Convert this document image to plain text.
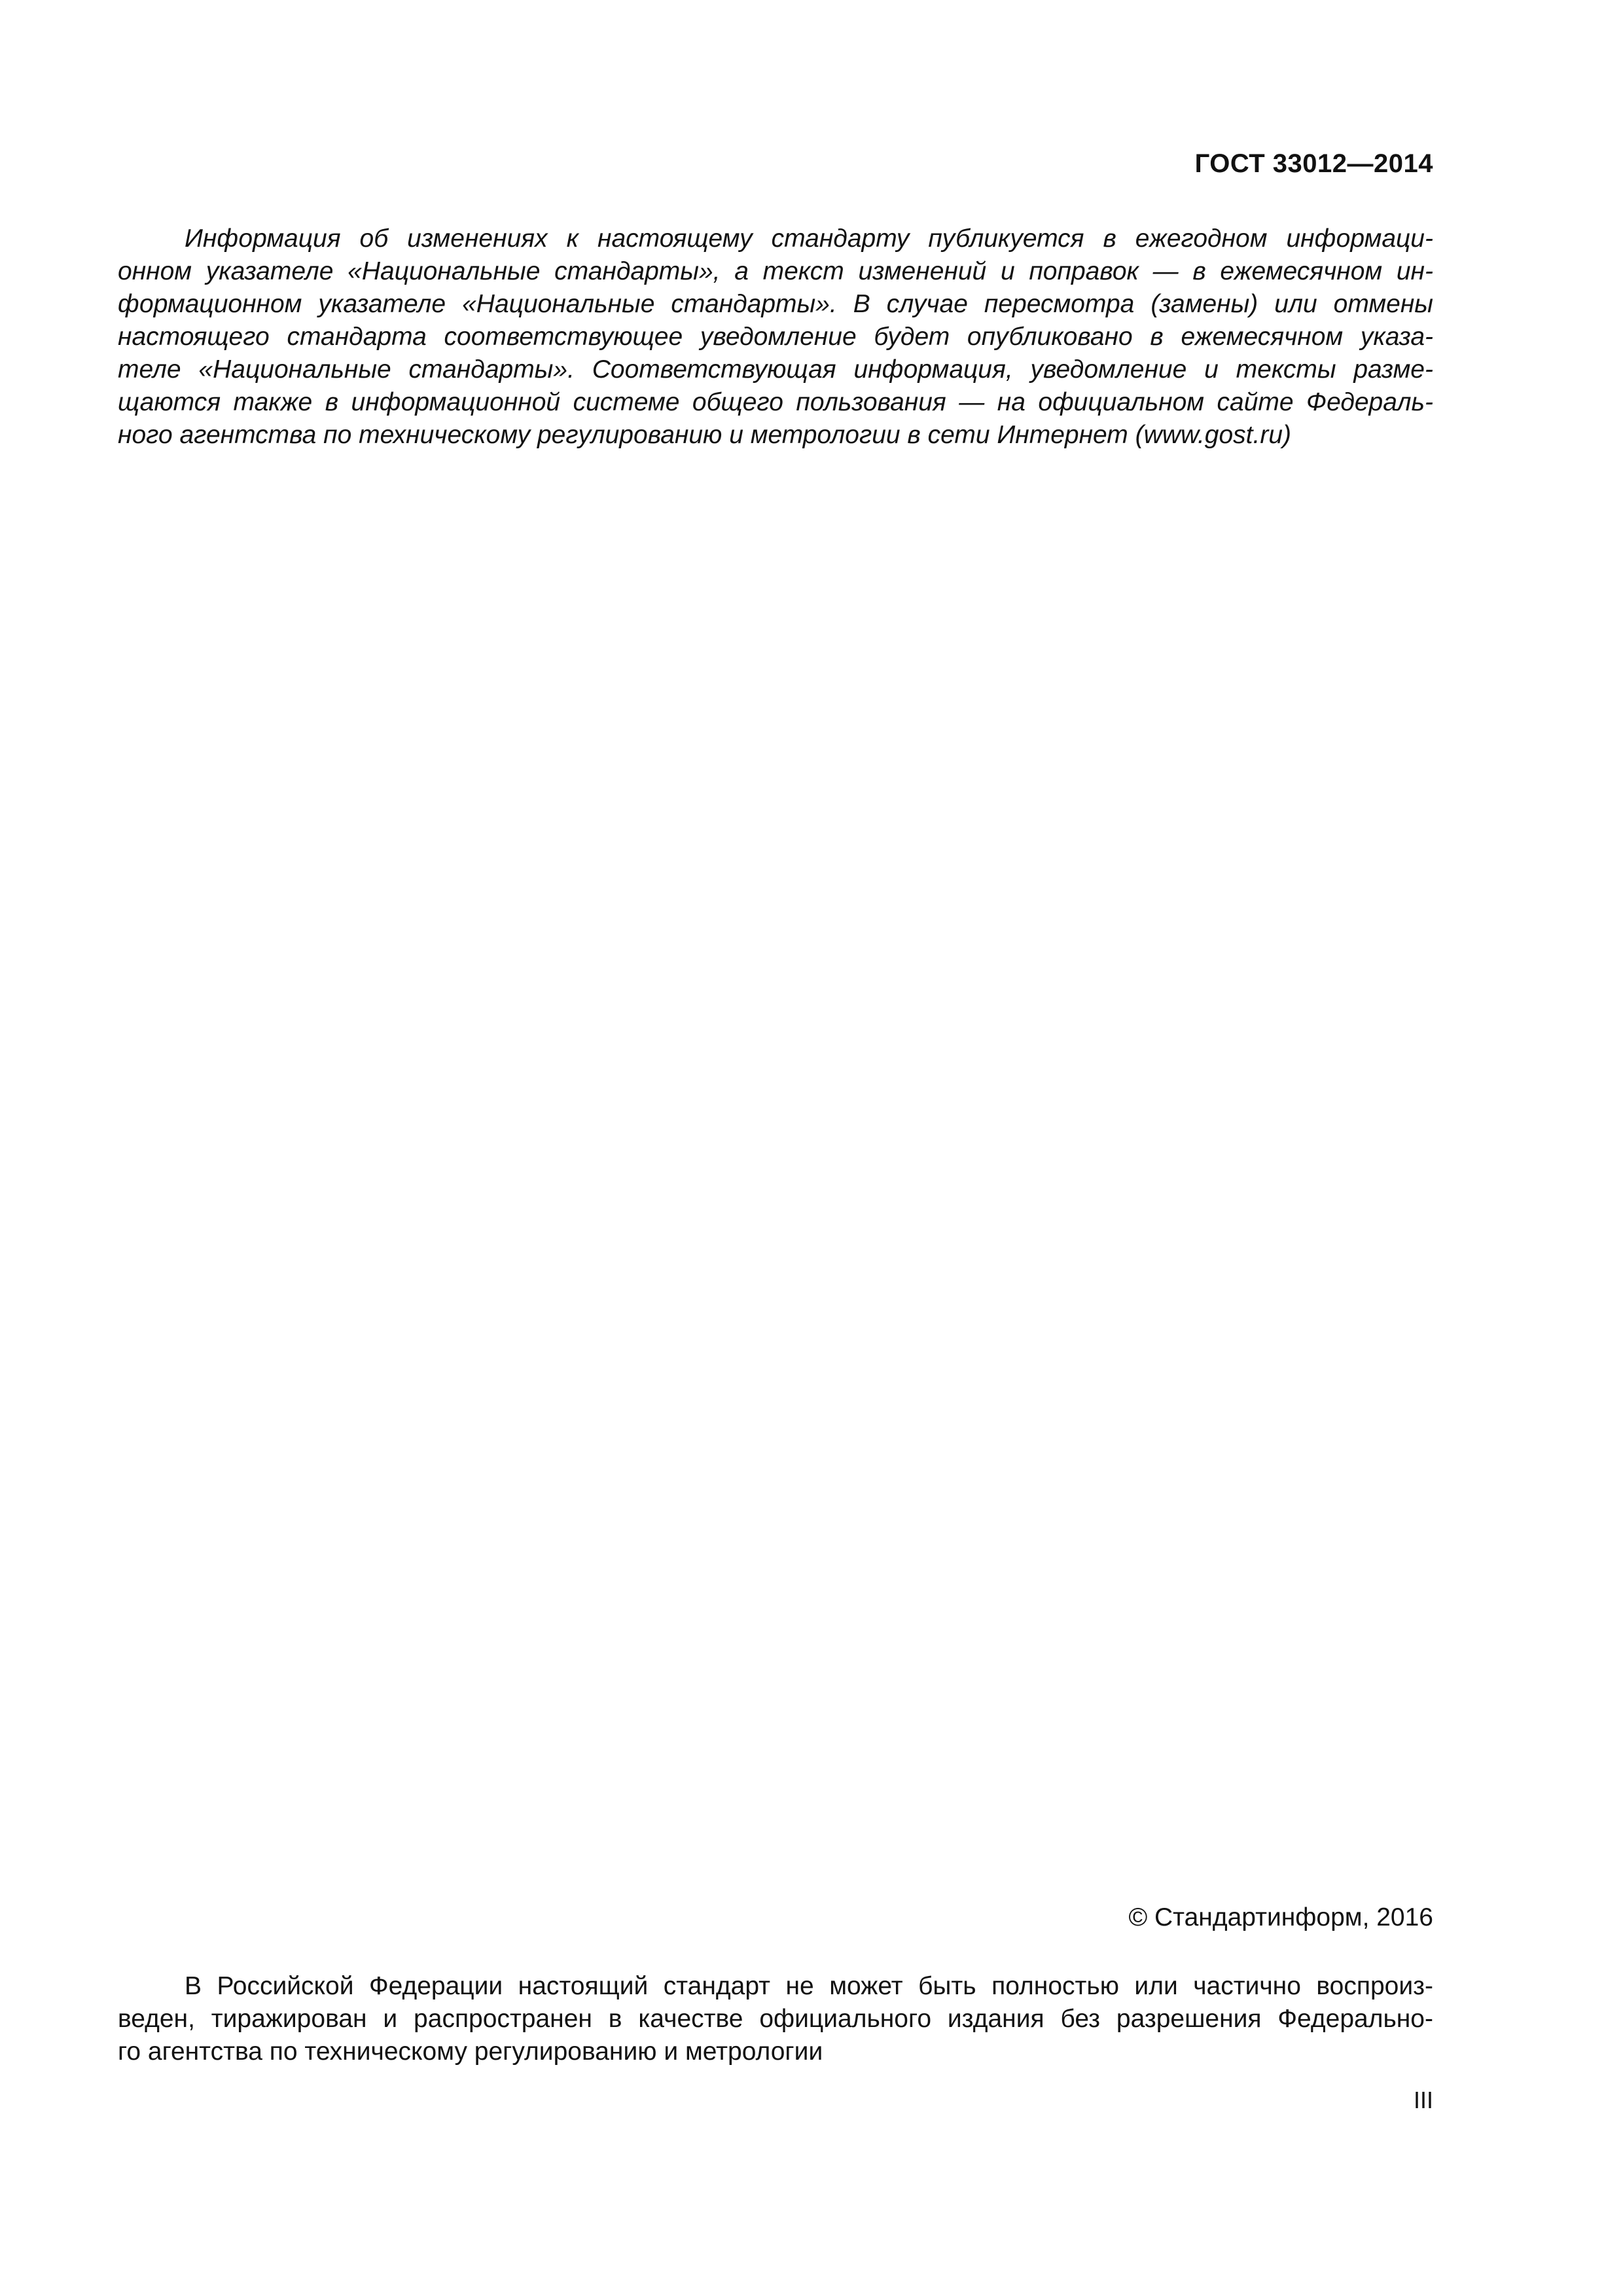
ГОСТ 33012—2014
Информация об изменениях к настоящему стандарту публикуется в ежегодном информаци-
онном указателе «Национальные стандарты», а текст изменений и поправок — в ежемесячном ин-
формационном указателе «Национальные стандарты». В случае пересмотра (замены) или отмены
настоящего стандарта соответствующее уведомление будет опубликовано в ежемесячном указа-
теле «Национальные стандарты». Соответствующая информация, уведомление и тексты разме-
щаются также в информационной системе общего пользования — на официальном сайте Федераль-
ного агентства по техническому регулированию и метрологии в сети Интернет (www.gost.ru)
© Стандартинформ, 2016
В Российской Федерации настоящий стандарт не может быть полностью или частично воспроиз-
веден, тиражирован и распространен в качестве официального издания без разрешения Федерально-
го агентства по техническому регулированию и метрологии
III
